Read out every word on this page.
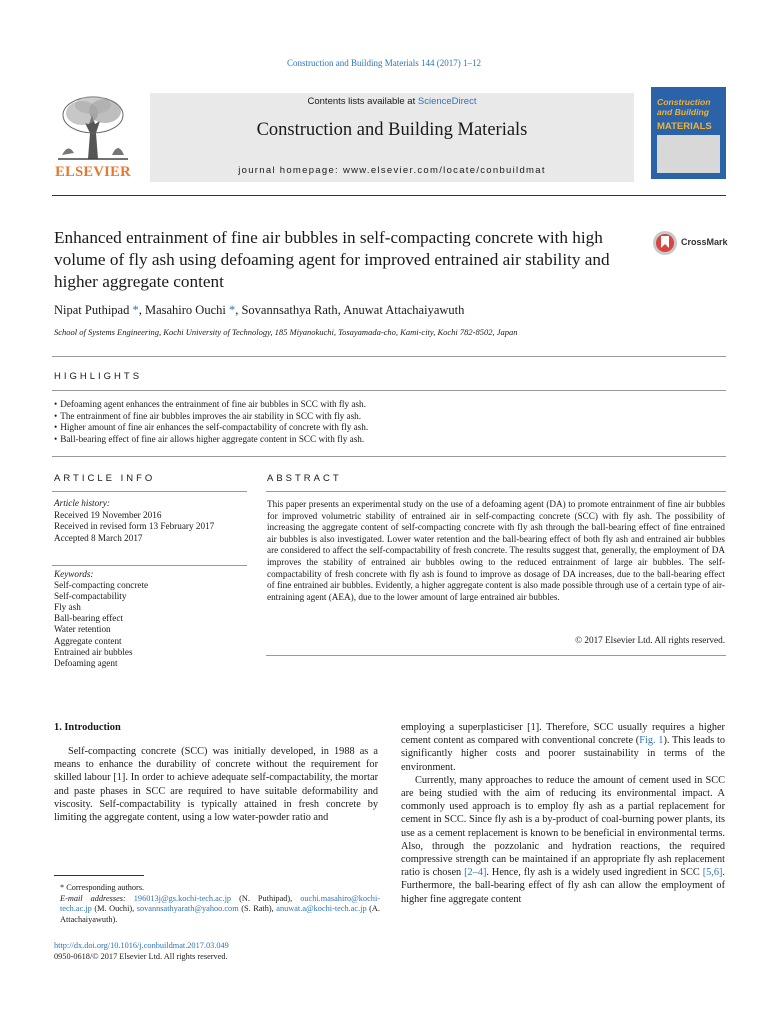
Construction and Building Materials 144 (2017) 1–12
ELSEVIER
Contents lists available at ScienceDirect
Construction and Building Materials
journal homepage: www.elsevier.com/locate/conbuildmat
Construction and Building
MATERIALS
Enhanced entrainment of fine air bubbles in self-compacting concrete with high volume of fly ash using defoaming agent for improved entrained air stability and higher aggregate content
CrossMark
Nipat Puthipad *, Masahiro Ouchi *, Sovannsathya Rath, Anuwat Attachaiyawuth
School of Systems Engineering, Kochi University of Technology, 185 Miyanokuchi, Tosayamada-cho, Kami-city, Kochi 782-8502, Japan
HIGHLIGHTS
• Defoaming agent enhances the entrainment of fine air bubbles in SCC with fly ash.
• The entrainment of fine air bubbles improves the air stability in SCC with fly ash.
• Higher amount of fine air enhances the self-compactability of concrete with fly ash.
• Ball-bearing effect of fine air allows higher aggregate content in SCC with fly ash.
ARTICLE INFO	ABSTRACT
Article history:
Received 19 November 2016
Received in revised form 13 February 2017
Accepted 8 March 2017
Keywords:
Self-compacting concrete
Self-compactability
Fly ash
Ball-bearing effect
Water retention
Aggregate content
Entrained air bubbles
Defoaming agent

This paper presents an experimental study on the use of a defoaming agent (DA) to promote entrainment of fine air bubbles for improved volumetric stability of entrained air in self-compacting concrete (SCC) with fly ash. The possibility of increasing the aggregate content of self-compacting concrete with fly ash through the ball-bearing effect of fine entrained air bubbles is also investigated. Lower water retention and the ball-bearing effect of both fly ash and entrained air bubbles are considered to affect the self-compactability of fresh concrete. The results suggest that, generally, the employment of DA improves the stability of entrained air bubbles owing to the reduced entrainment of large air bubbles. The self-compactability of fresh concrete with fly ash is found to improve as dosage of DA increases, due to the ball-bearing effect of fine entrained air bubbles. Evidently, a higher aggregate content is also made possible through use of a certain type of air-entraining agent (AEA), due to the lower amount of large entrained air bubbles.

© 2017 Elsevier Ltd. All rights reserved.
1. Introduction

Self-compacting concrete (SCC) was initially developed, in 1988 as a means to enhance the durability of concrete without the requirement for skilled labour [1]. In order to achieve adequate self-compactability, the mortar and paste phases in SCC are required to have suitable deformability and viscosity. Self-compactability is typically attained in fresh concrete by limiting the aggregate content, using a low water-powder ratio and

employing a superplasticiser [1]. Therefore, SCC usually requires a higher cement content as compared with conventional concrete (Fig. 1). This leads to significantly higher costs and poorer sustainability in terms of the environment.

Currently, many approaches to reduce the amount of cement used in SCC are being studied with the aim of reducing its environmental impact. A commonly used approach is to employ fly ash as a partial replacement for cement in SCC. Since fly ash is a by-product of coal-burning power plants, its use as a cement replacement is known to be beneficial in environmental terms. Also, through the pozzolanic and hydration reactions, the required compressive strength can be maintained if an appropriate fly ash replacement ratio is chosen [2–4]. Hence, fly ash is a widely used ingredient in SCC [5,6]. Furthermore, the ball-bearing effect of fly ash can allow the employment of higher fine aggregate content

* Corresponding authors.
E-mail addresses: 196013j@gs.kochi-tech.ac.jp (N. Puthipad), ouchi.masahiro@kochi-tech.ac.jp (M. Ouchi), sovannsathyarath@yahoo.com (S. Rath), anuwat.a@kochi-tech.ac.jp (A. Attachaiyawuth).
http://dx.doi.org/10.1016/j.conbuildmat.2017.03.049
0950-0618/© 2017 Elsevier Ltd. All rights reserved.
